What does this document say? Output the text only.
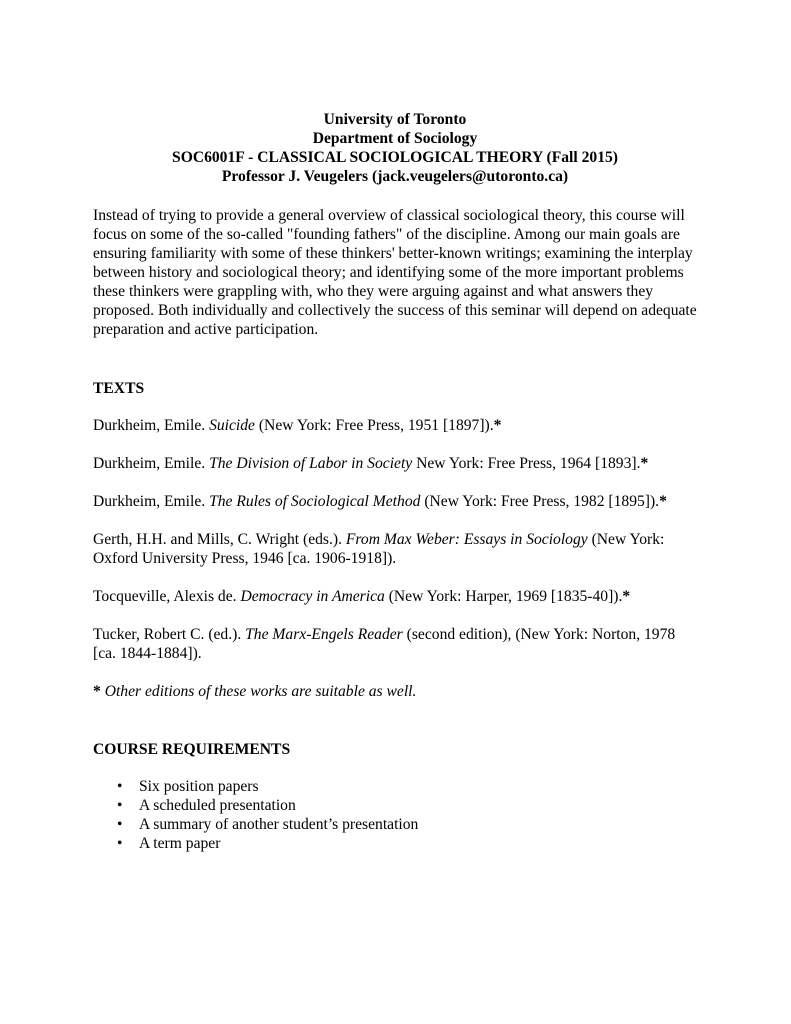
University of Toronto
Department of Sociology
SOC6001F - CLASSICAL SOCIOLOGICAL THEORY (Fall 2015)
Professor J. Veugelers (jack.veugelers@utoronto.ca)

Instead of trying to provide a general overview of classical sociological theory, this course will focus on some of the so-called "founding fathers" of the discipline. Among our main goals are ensuring familiarity with some of these thinkers' better-known writings; examining the interplay between history and sociological theory; and identifying some of the more important problems these thinkers were grappling with, who they were arguing against and what answers they proposed. Both individually and collectively the success of this seminar will depend on adequate preparation and active participation.

TEXTS

Durkheim, Emile. Suicide (New York: Free Press, 1951 [1897]).*

Durkheim, Emile. The Division of Labor in Society New York: Free Press, 1964 [1893].*

Durkheim, Emile. The Rules of Sociological Method (New York: Free Press, 1982 [1895]).*

Gerth, H.H. and Mills, C. Wright (eds.). From Max Weber: Essays in Sociology (New York: Oxford University Press, 1946 [ca. 1906-1918]).

Tocqueville, Alexis de. Democracy in America (New York: Harper, 1969 [1835-40]).*

Tucker, Robert C. (ed.). The Marx-Engels Reader (second edition), (New York: Norton, 1978 [ca. 1844-1884]).

* Other editions of these works are suitable as well.

COURSE REQUIREMENTS

• Six position papers
• A scheduled presentation
• A summary of another student’s presentation
• A term paper
